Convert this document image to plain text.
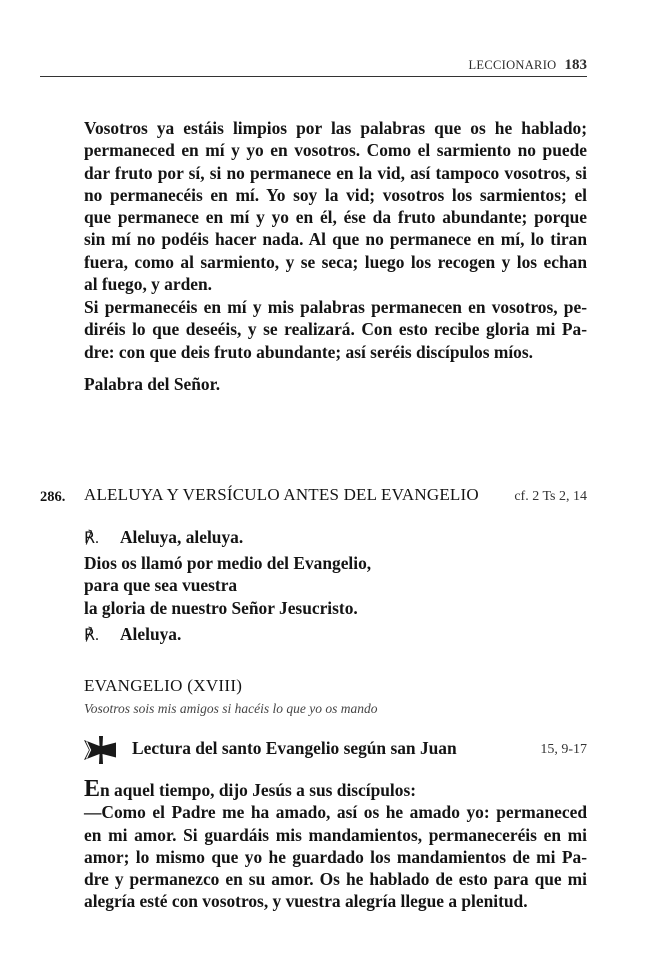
LECCIONARIO 183
Vosotros ya estáis limpios por las palabras que os he hablado;
permaneced en mí y yo en vosotros. Como el sarmiento no puede
dar fruto por sí, si no permanece en la vid, así tampoco vosotros, si
no permanecéis en mí. Yo soy la vid; vosotros los sarmientos; el
que permanece en mí y yo en él, ése da fruto abundante; porque
sin mí no podéis hacer nada. Al que no permanece en mí, lo tiran
fuera, como al sarmiento, y se seca; luego los recogen y los echan
al fuego, y arden.
Si permanecéis en mí y mis palabras permanecen en vosotros, pe-
diréis lo que deseéis, y se realizará. Con esto recibe gloria mi Pa-
dre: con que deis fruto abundante; así seréis discípulos míos.
Palabra del Señor.
286. ALELUYA Y VERSÍCULO ANTES DEL EVANGELIO	cf. 2 Ts 2, 14
℟. Aleluya, aleluya.
Dios os llamó por medio del Evangelio,
para que sea vuestra
la gloria de nuestro Señor Jesucristo.
℟. Aleluya.
EVANGELIO (XVIII)
Vosotros sois mis amigos si hacéis lo que yo os mando
Lectura del santo Evangelio según san Juan	15, 9-17
En aquel tiempo, dijo Jesús a sus discípulos:
—Como el Padre me ha amado, así os he amado yo: permaneced
en mi amor. Si guardáis mis mandamientos, permaneceréis en mi
amor; lo mismo que yo he guardado los mandamientos de mi Pa-
dre y permanezco en su amor. Os he hablado de esto para que mi
alegría esté con vosotros, y vuestra alegría llegue a plenitud.
